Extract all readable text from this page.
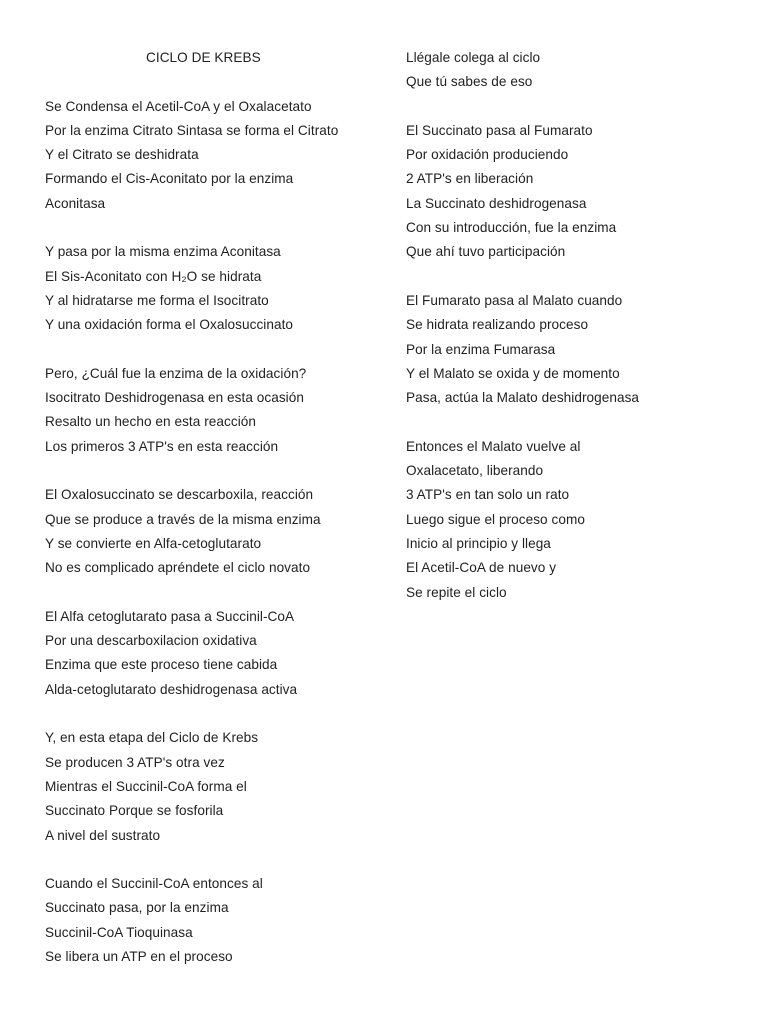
CICLO DE KREBS
Se Condensa el Acetil-CoA y el Oxalacetato
Por la enzima Citrato Sintasa se forma el Citrato
Y el Citrato se deshidrata
Formando el Cis-Aconitato por la enzima
Aconitasa
Y pasa por la misma enzima Aconitasa
El Sis-Aconitato con H₂O se hidrata
Y al hidratarse me forma el Isocitrato
Y una oxidación forma el Oxalosuccinato
Pero, ¿Cuál fue la enzima de la oxidación?
Isocitrato Deshidrogenasa en esta ocasión
Resalto un hecho en esta reacción
Los primeros 3 ATP's en esta reacción
El Oxalosuccinato se descarboxila, reacción
Que se produce a través de la misma enzima
Y se convierte en Alfa-cetoglutarato
No es complicado apréndete el ciclo novato
El Alfa cetoglutarato pasa a Succinil-CoA
Por una descarboxilacion oxidativa
Enzima que este proceso tiene cabida
Alda-cetoglutarato deshidrogenasa activa
Y, en esta etapa del Ciclo de Krebs
Se producen 3 ATP's otra vez
Mientras el Succinil-CoA forma el
Succinato Porque se fosforila
A nivel del sustrato
Cuando el Succinil-CoA entonces al
Succinato pasa, por la enzima
Succinil-CoA Tioquinasa
Se libera un ATP en el proceso
Llégale colega al ciclo
Que tú sabes de eso
El Succinato pasa al Fumarato
Por oxidación produciendo
2 ATP's en liberación
La Succinato deshidrogenasa
Con su introducción, fue la enzima
Que ahí tuvo participación
El Fumarato pasa al Malato cuando
Se hidrata realizando proceso
Por la enzima Fumarasa
Y el Malato se oxida y de momento
Pasa, actúa la Malato deshidrogenasa
Entonces el Malato vuelve al
Oxalacetato, liberando
3 ATP's en tan solo un rato
Luego sigue el proceso como
Inicio al principio y llega
El Acetil-CoA de nuevo y
Se repite el ciclo
